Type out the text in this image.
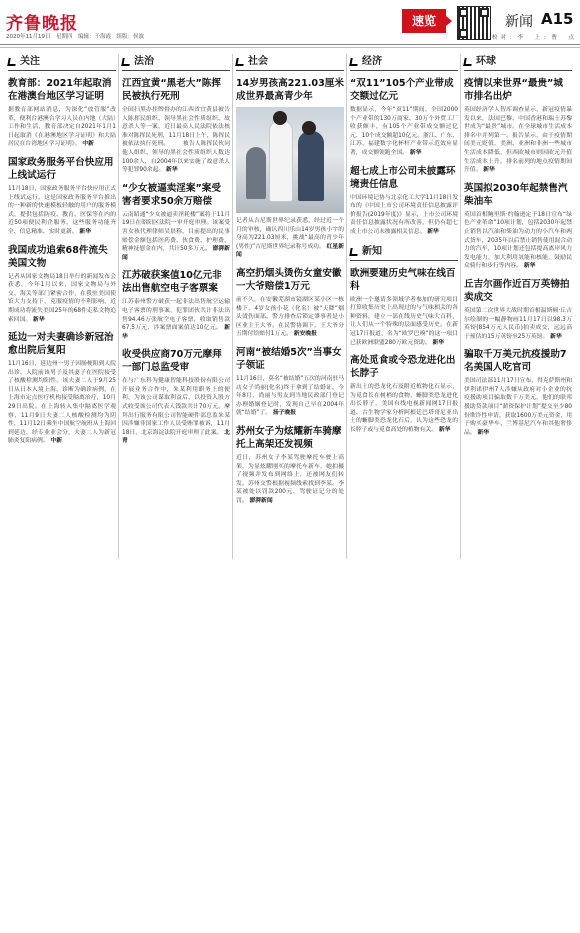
齐鲁晚报
2020年11月19日　星期四　编辑：于海霞　组版：侯波
速览	新闻 A15
校对：李　上：曹　点
关注
教育部：2021年起取消在港澳台地区学习证明
据教育部网站消息，为深化“放管服”改革，便利台港澳台学习人员在内地（大陆）工作和生活，教育部决定自2021年1月1日起取消《在港澳地区学习证明》和大陆居民在台湾地区学习证明》。 中新
国家政务服务平台快应用上线试运行
11月18日，国家政务服务平台快应用正式上线试运行。这是国家政务服务平台推出的一种新的快速模板轻触的用户的服务模式，提供包括防疫、教育、医保等在内的近50项便民利企服务，这些服务功能齐全、信息精准、实时更新。 新华
我国成功追索68件流失美国文物
记者从国家文物局18日举行的新闻发布会获悉，今年1月以来，国家文物局与外交、海关等部门紧密合作，在我驻美国使馆大力支持下，克服疫情的不利影响，近期成功将流失美国25年的68件走私文物追索回国。 新华
延边一对夫妻确诊新冠治愈出院后复阳
11月16日，延边州一男子因肠梗阻到人院出诊，入院前该男子及其妻子在医院接受了核酸检测均阳性。该夫妻二人于9月25日从日本入境上海，诊断为确诊病例，在上海市定点医疗机构接受隔离治疗，10月29日出院。在上海转入集中隔离医学观察，11月9日夫妻二人核酸检测均为阴性，11月12日乘坐中国航空航班从上海回到延边，经专业业会分，夫妻二人为新冠肺炎复阳病例。 中新
法治
江西宜黄“黑老大”陈挥民被执行死刑
全国扫黑办挂牌督办的江西省宜黄县被告人陈挥民组织、领导黑社会性质组织、故意杀人等一案，近日最高人民法院依法核准对陈挥民死刑，11月18日上午，陈挥民被依法执行死刑。 　　被告人陈挥民伙同他人组织、领导的黑社会性质组织人数达100余人，自2004年以来实施了故意杀人等犯罪90余起。 新华
“少女被逼卖淫案”案受害者要求50余万赔偿
云南昭通“少女被逼卖淫耗楼”案将于11月19日在昭阳区法院一审开庭审理。该案受害女孩代理律师吴晨称，目前提出的民事赔偿金额包括医药费、伙食费、护理费、精神抚慰金在内，共计50多万元。 澎湃新闻
江苏破获案值10亿元非法出售航空电子客票案
江苏泰州警方破获一起非法出售航空运输电子客票的刑事案，犯罪团伙共计非法出售94.46万张航空电子客票，收取销售款67.5万元，涉案票面案值达10亿元。 新华
收受供应商70万元摩拜一部门总监受审
在与广东科为健康智能科技股份有限公司开展业务合作中，朱某利用职务上的便利，为该公司谋取利益后，以投资入股方式收受该公司代表人钱款共计70万元。摩拜出行服务有限公司智能硬件部总监朱某因涉嫌非国家工作人员受贿罪被诉，11月18日，北京海淀法院开庭审理了此案。 北青
社会
14岁男孩高221.03厘米成世界最高青少年
记者从吉尼斯世界纪录获悉，经过近一个月的审核，确认四川乐山14岁男孩小宇的身高为221.03厘米，挑战“最高的青少年(男性)”吉尼斯世界纪录称号成功。 红星新闻
高空扔烟头烫伤女童安徽一大爷赔偿1万元
前不久，在安徽芜湖市镜湖区某小区一栋楼下，4岁女孩小花（化名）被“天降”烟头烫伤面部。警方排查后锁定肇事者是小区业主王大爷。在民警协调下，王大爷分五期付给赔付1万元。 新安晚报
河南“被结婚5次”当事女子领证
11月16日，莫名“被结婚”五次的河南驻马店女子尚丽(化名)终于拿到了结婚证。今年8月，尚丽与男友到当地民政部门登记办理婚姻登记时，发现自己早在2004年就“结婚”了。 扬子晚报
苏州女子为炫耀新车骑摩托上高架还发视频
近日，苏州女子李某驾驶摩托车驶上高架，为显炫耀刚买的摩托车新车，她拍摄了视频并发布到网络上，还被网友们转发。苏州交警根据视频线索找到李某。李某被处以罚款200元，驾驶证记分的处罚。 澎湃新闻
经济
“双11”105个产业带成交额过亿元
数据显示，今年“双11”期间，全国2000个产业带的130万商家、30万个外贸工厂收获颇丰，有105个产业带成交额过亿元，10个成交额超10亿元。浙江、广东、江苏、福建数字化杯杆产业带示范效应显著，成交额领跑全国。 新华
超七成上市公司未披露环境责任信息
中国环境记协与北京化工大学11月18日发布的《中国上市公司环境责任信息披露评价报告(2019年度)》显示，上市公司环境责任信息披露状况有所改善，但仍有超七成上市公司未披露相关信息。 新华
新知
欧洲要建历史气味在线百科
欧洲一个邀请多领域学者参加的研究项目打算收集历史上出现过的与气味相关的各种资料，建立一部在线历史气味大百科，让人们从一个特殊的层面感受历史。在新冠17日报道，名为“欧罗巴嗅”的这一项目已获欧洲联盟280万欧元资助。 新华
高处觅食或令恐龙进化出长脖子
新出土的恐龙化石及附近植物化石显示，为觅食长在树梢的食物，蜥脚类恐龙进化出长脖子，美国有线电视新闻网17日报道，古生物学家分析阿根廷巴塔哥尼亚出土的蜥脚类恐龙化石后，认为这些恐龙的长脖子或与觅食高处的植物有关。 新华
环球
疫情以来世界“最贵”城市排名出炉
英国经济学人智库调查显示，新冠疫情暴发以来，法国巴黎、中国香港和瑞士苏黎世成为“最贵”城市。在全球城市生活成本排名中并列第一。报告显示，由于疫情期间美元贬值，美洲、亚洲和非洲一些城市生活成本降低，但西欧城市则因欧元升值生活成本上升。排名前列的地点疫情期间升值。 新华
英国拟2030年起禁售汽柴油车
英国首相鲍里斯·约翰逊定于18日宣布“绿色产业革命”10项计划，包括2030年起禁止销售以汽油和柴油为动力的小汽车和两式货车，2035年以后禁止销售使用混合动力的汽车，10项计划还包括提高离岸风力发电能力，加大利用氢能和核能，鼓励民众骑行和步行等内容。 新华
丘吉尔画作近百万英镑拍卖成交
英国第二次世界大战时期首相温斯顿·丘吉尔绘制的一幅静物画11月17日以98.3万英镑(854万元人民币)拍卖成交，远远高于预估的15万英镑至25万英镑。 新华
骗取千万美元抗疫援助7名美国人吃官司
美国司法部11月17日宣布，得克萨斯州和伊利诺伊州7人涉嫌从政府对小企业的抗疫援助项目骗取数千万美元，他们的联邦援助贷款项目“薪资保护计划”提交至少80份欺诈性申请，获取1600万美元资金，用于购买豪华车、兰博基尼汽车和其他奢侈品。 新华
